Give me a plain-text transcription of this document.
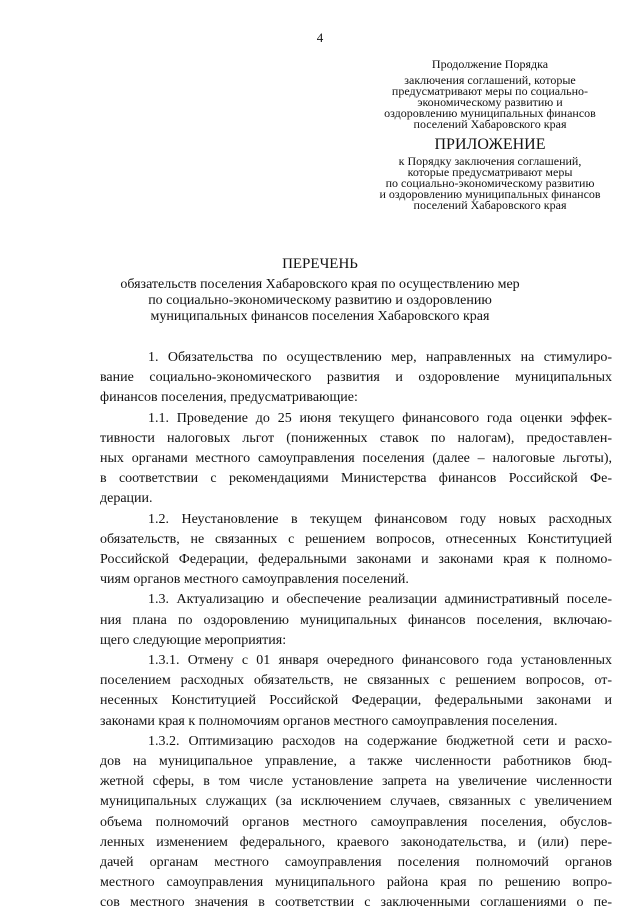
4
Продолжение Порядка
заключения соглашений, которые
предусматривают меры по социально-
экономическому развитию и
оздоровлению муниципальных финансов
поселений Хабаровского края
ПРИЛОЖЕНИЕ
к Порядку заключения соглашений,
которые предусматривают меры
по социально-экономическому развитию
и оздоровлению муниципальных финансов
поселений Хабаровского края
ПЕРЕЧЕНЬ
обязательств поселения Хабаровского края по осуществлению мер
по социально-экономическому развитию и оздоровлению
муниципальных финансов поселения Хабаровского края
1. Обязательства по осуществлению мер, направленных на стимулиро-
вание социально-экономического развития и оздоровление муниципальных
финансов поселения, предусматривающие:
1.1. Проведение до 25 июня текущего финансового года оценки эффек-
тивности налоговых льгот (пониженных ставок по налогам), предоставлен-
ных органами местного самоуправления поселения (далее – налоговые льготы),
в соответствии с рекомендациями Министерства финансов Российской Фе-
дерации.
1.2. Неустановление в текущем финансовом году новых расходных
обязательств, не связанных с решением вопросов, отнесенных Конституцией
Российской Федерации, федеральными законами и законами края к полномо-
чиям органов местного самоуправления поселений.
1.3. Актуализацию и обеспечение реализации административный поселе-
ния плана по оздоровлению муниципальных финансов поселения, включаю-
щего следующие мероприятия:
1.3.1. Отмену с 01 января очередного финансового года установленных
поселением расходных обязательств, не связанных с решением вопросов, от-
несенных Конституцией Российской Федерации, федеральными законами и
законами края к полномочиям органов местного самоуправления поселения.
1.3.2. Оптимизацию расходов на содержание бюджетной сети и расхо-
дов на муниципальное управление, а также численности работников бюд-
жетной сферы, в том числе установление запрета на увеличение численности
муниципальных служащих (за исключением случаев, связанных с увеличением
объема полномочий органов местного самоуправления поселения, обуслов-
ленных изменением федерального, краевого законодательства, и (или) пере-
дачей органам местного самоуправления поселения полномочий органов
местного самоуправления муниципального района края по решению вопро-
сов местного значения в соответствии с заключенными соглашениями о пе-
